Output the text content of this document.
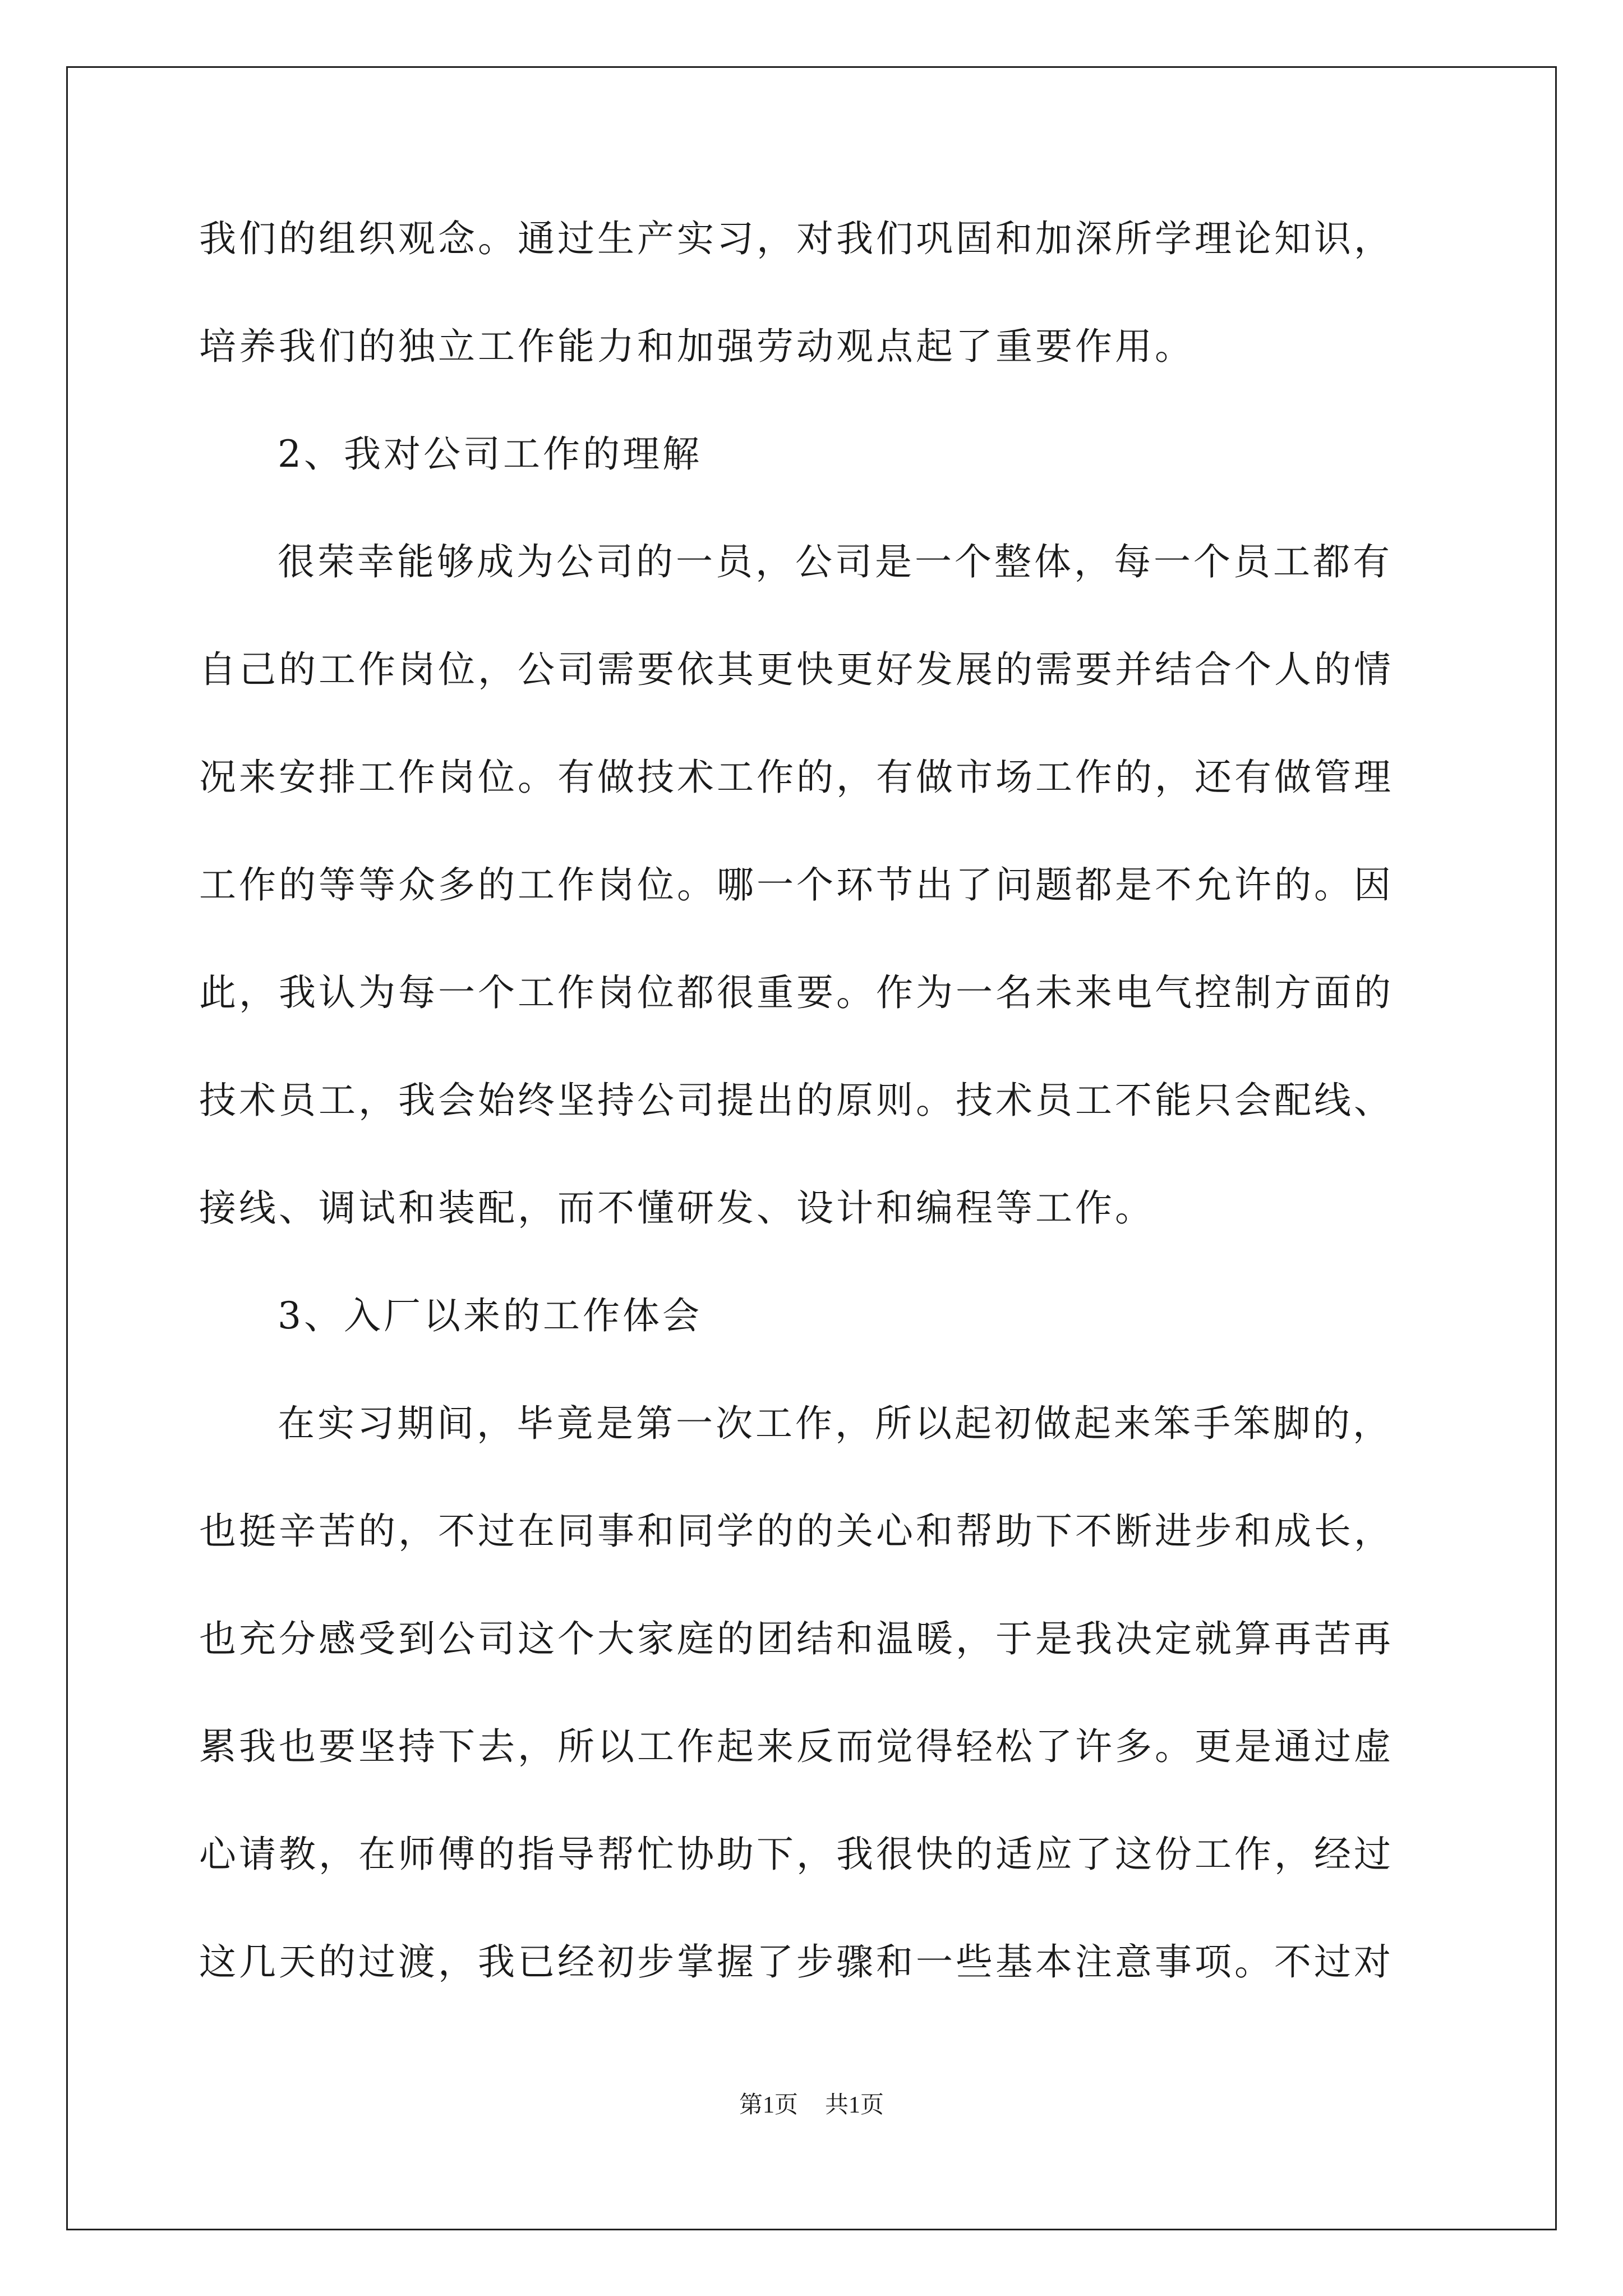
我们的组织观念。通过生产实习，对我们巩固和加深所学理论知识，
培养我们的独立工作能力和加强劳动观点起了重要作用。
2、我对公司工作的理解
很荣幸能够成为公司的一员，公司是一个整体，每一个员工都有
自己的工作岗位，公司需要依其更快更好发展的需要并结合个人的情
况来安排工作岗位。有做技术工作的，有做市场工作的，还有做管理
工作的等等众多的工作岗位。哪一个环节出了问题都是不允许的。因
此，我认为每一个工作岗位都很重要。作为一名未来电气控制方面的
技术员工，我会始终坚持公司提出的原则。技术员工不能只会配线、
接线、调试和装配，而不懂研发、设计和编程等工作。
3、入厂以来的工作体会
在实习期间，毕竟是第一次工作，所以起初做起来笨手笨脚的，
也挺辛苦的，不过在同事和同学的的关心和帮助下不断进步和成长，
也充分感受到公司这个大家庭的团结和温暖，于是我决定就算再苦再
累我也要坚持下去，所以工作起来反而觉得轻松了许多。更是通过虚
心请教，在师傅的指导帮忙协助下，我很快的适应了这份工作，经过
这几天的过渡，我已经初步掌握了步骤和一些基本注意事项。不过对
第1页 共1页
